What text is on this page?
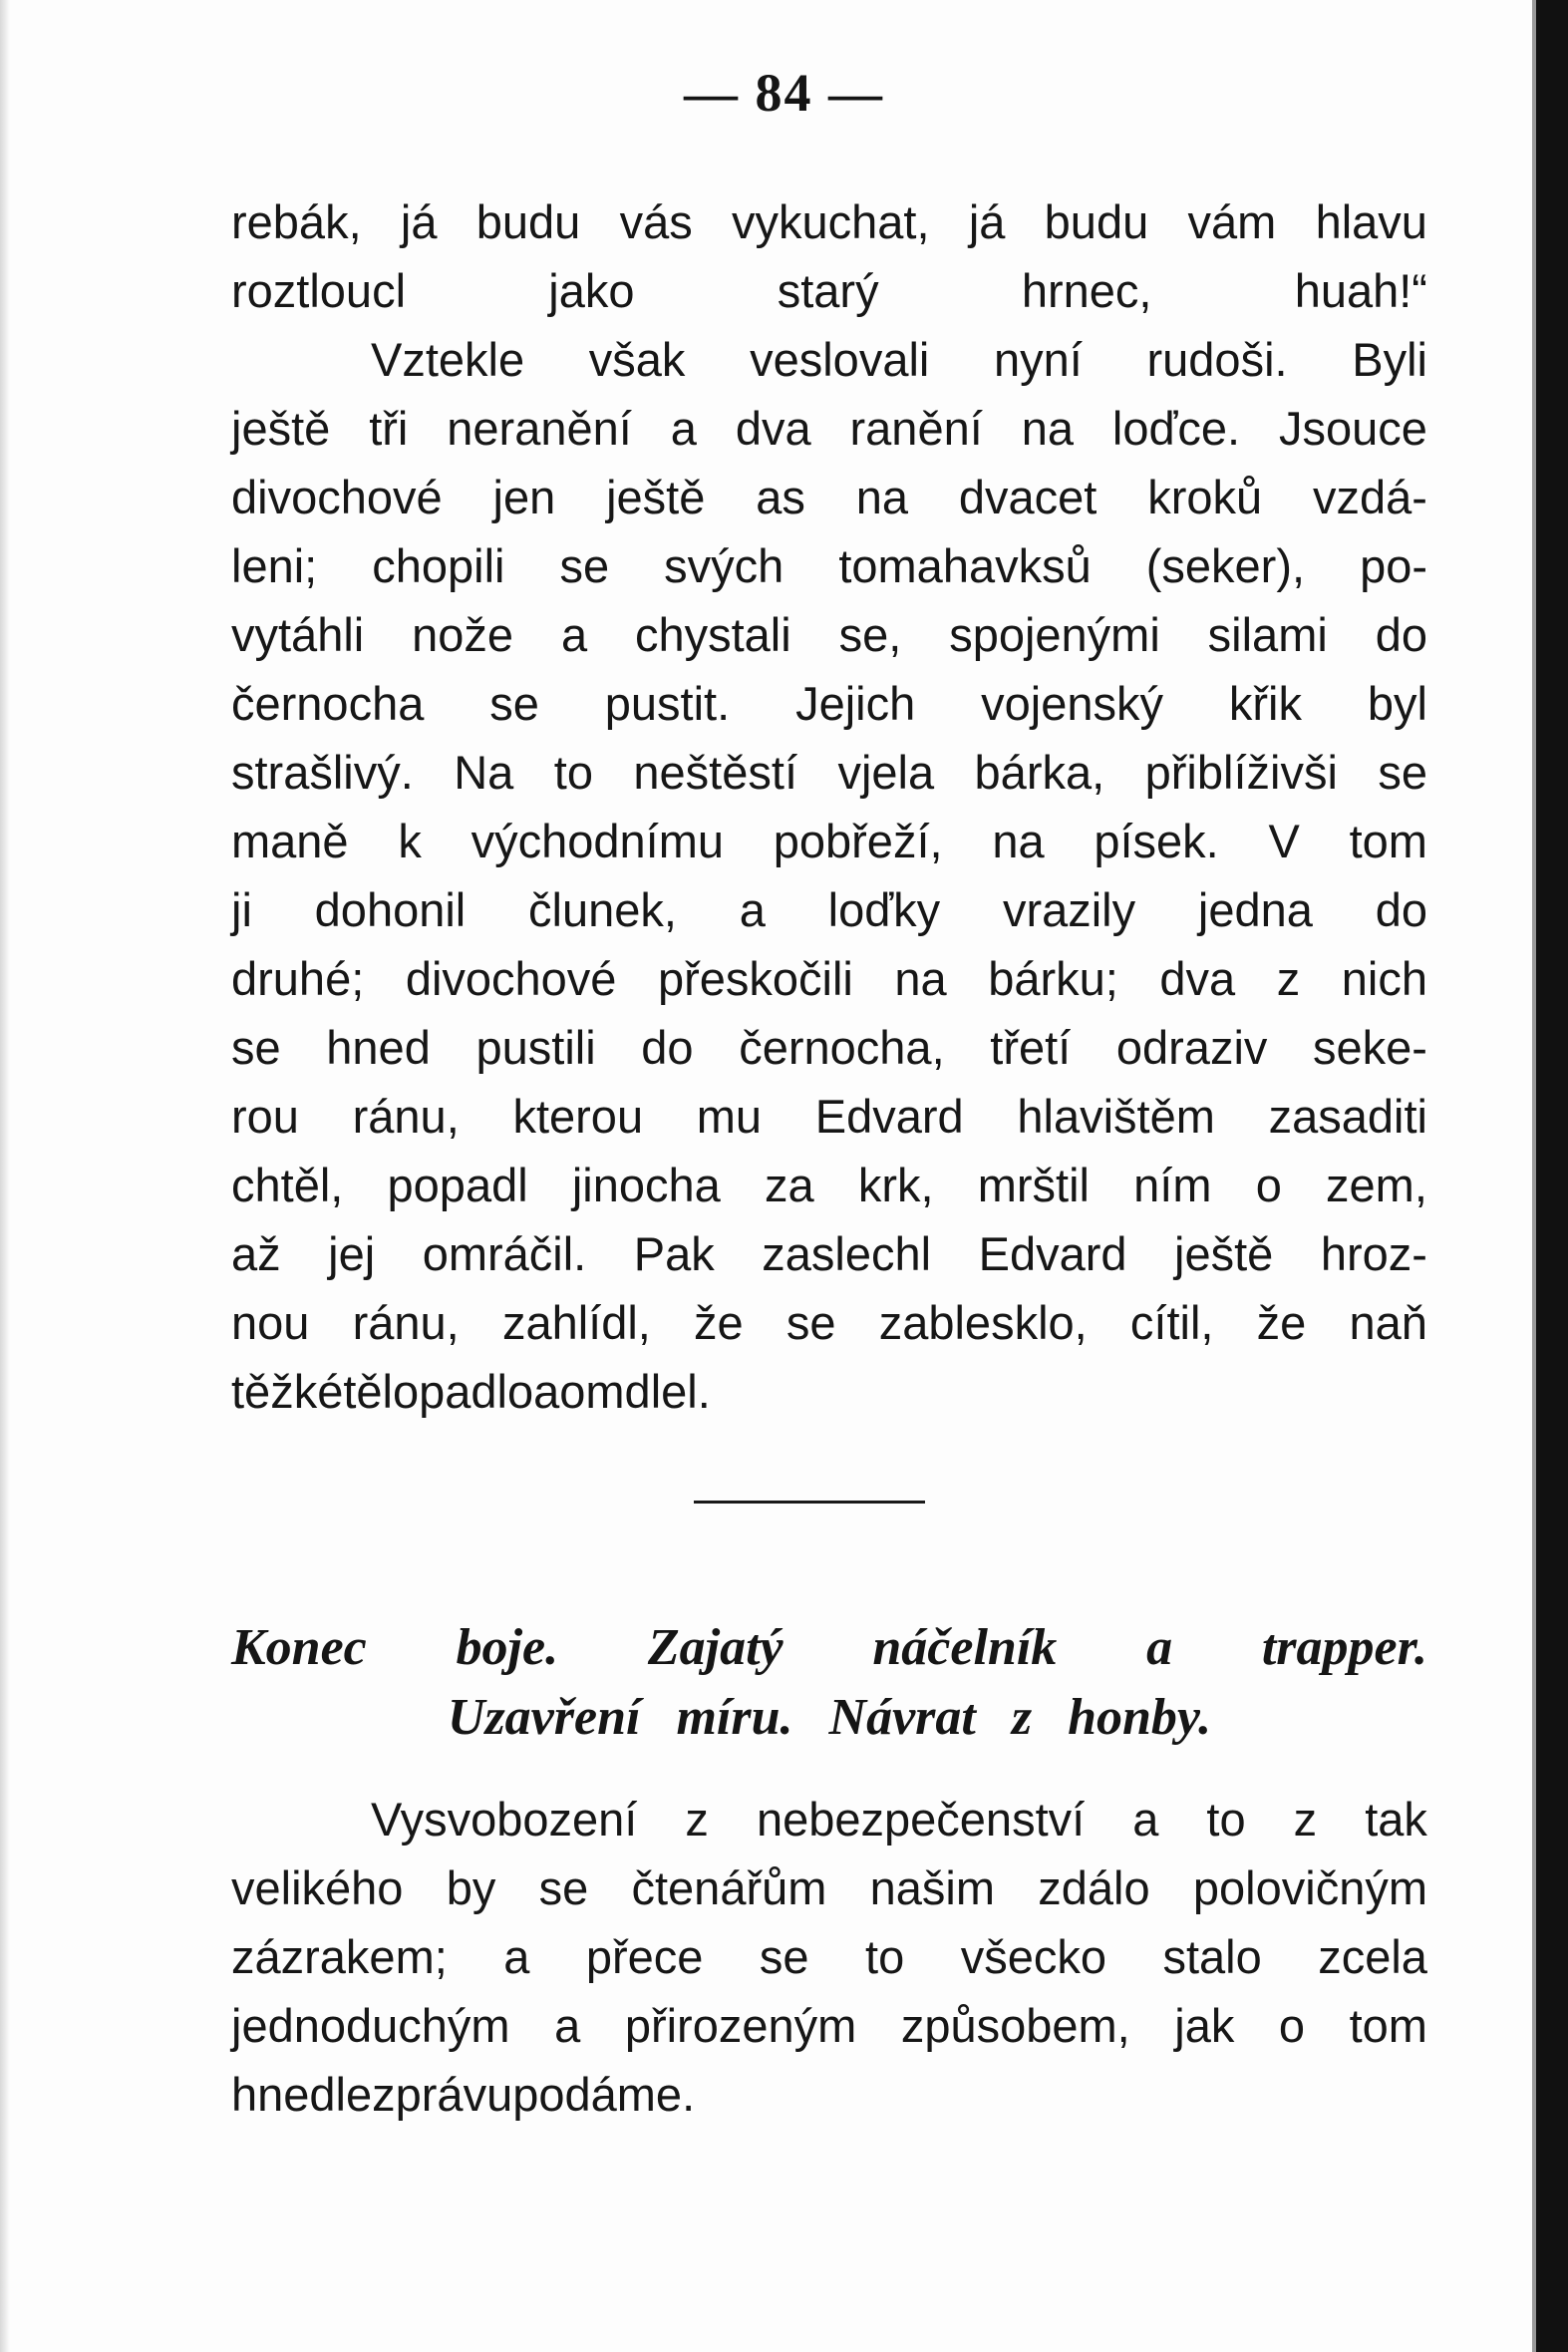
— 84 —
rebák, já budu vás vykuchat, já budu vám hlavu
roztloucl	jako	starý	hrnec,	huah!“
Vztekle však veslovali nyní rudoši. Byli
ještě tři neranění a dva ranění na loďce. Jsouce
divochové jen ještě as na dvacet kroků vzdá-
leni; chopili se svých tomahavksů (seker), po-
vytáhli nože a chystali se, spojenými silami do
černocha se pustit. Jejich vojenský křik byl
strašlivý. Na to neštěstí vjela bárka, přiblíživši se
maně k východnímu pobřeží, na písek. V tom
ji dohonil člunek, a loďky vrazily jedna do
druhé; divochové přeskočili na bárku; dva z nich
se hned pustili do černocha, třetí odraziv seke-
rou ránu, kterou mu Edvard hlavištěm zasaditi
chtěl, popadl jinocha za krk, mrštil ním o zem,
až jej omráčil. Pak zaslechl Edvard ještě hroz-
nou ránu, zahlídl, že se zablesklo, cítil, že naň
těžké tělo padlo a omdlel.
Konec boje. Zajatý náčelník a trapper.
Uzavření míru. Návrat z honby.
Vysvobození z nebezpečenství a to z tak
velikého by se čtenářům našim zdálo polovičným
zázrakem; a přece se to všecko stalo zcela
jednoduchým a přirozeným způsobem, jak o tom
hnedle zprávu podáme.
